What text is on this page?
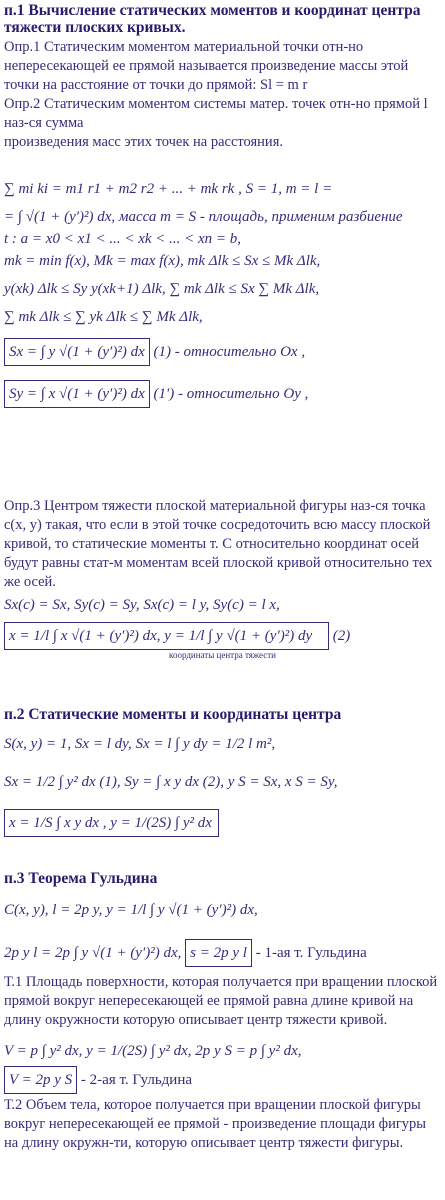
п.1 Вычисление статических моментов и координат центра тяжести плоских кривых.
Опр.1 Статическим моментом материальной точки отн-но непересекающей ее прямой называется произведение массы этой точки на расстояние от точки до прямой: Sl = m r
Опр.2 Статическим моментом системы матер. точек отн-но прямой l наз-ся сумма
произведения масс этих точек на расстояния.
∑ mi ki = m1 r1 + m2 r2 + ... + mk rk , S = 1, m = l =
= ∫ √(1 + (y′)²) dx, масса m = S - площадь, применим разбиение
t : a = x0 < x1 < ... < xk < ... < xn = b,
mk = min f(x), Mk = max f(x), mk Δlk ≤ Sx ≤ Mk Δlk,
y(xk) Δlk ≤ Sy y(xk+1) Δlk, ∑ mk Δlk ≤ Sx ∑ Mk Δlk,
∑ mk Δlk ≤ ∑ yk Δlk ≤ ∑ Mk Δlk,
Sx = ∫ y √(1 + (y′)²) dx (1) - относительно Ox ,
Sy = ∫ x √(1 + (y′)²) dx (1′) - относительно Oy ,
Опр.3 Центром тяжести плоской материальной фигуры наз-ся точка c(x, y) такая, что если в этой точке сосредоточить всю массу плоской кривой, то статические моменты т. C относительно координат осей будут равны стат-м моментам всей плоской кривой относительно тех же осей.
Sx(c) = Sx, Sy(c) = Sy, Sx(c) = l y, Sy(c) = l x,
x = 1/l ∫ x √(1 + (y′)²) dx, y = 1/l ∫ y √(1 + (y′)²) dy (2)
координаты центра тяжести
п.2 Статические моменты и координаты центра
S(x, y) = 1, Sx = l dy, Sx = l ∫ y dy = 1/2 l m²,
Sx = 1/2 ∫ y² dx (1), Sy = ∫ x y dx (2), y S = Sx, x S = Sy,
x = 1/S ∫ x y dx , y = 1/(2S) ∫ y² dx
п.3 Теорема Гульдина
C(x, y), l = 2p y, y = 1/l ∫ y √(1 + (y′)²) dx,
2p y l = 2p ∫ y √(1 + (y′)²) dx, s = 2p y l - 1-ая т. Гульдина
Т.1 Площадь поверхности, которая получается при вращении плоской прямой вокруг непересекающей ее прямой равна длине кривой на длину окружности которую описывает центр тяжести кривой.
V = p ∫ y² dx, y = 1/(2S) ∫ y² dx, 2p y S = p ∫ y² dx,
V = 2p y S - 2-ая т. Гульдина
Т.2 Объем тела, которое получается при вращении плоской фигуры вокруг непересекающей ее прямой - произведение площади фигуры на длину окружн-ти, которую описывает центр тяжести фигуры.
